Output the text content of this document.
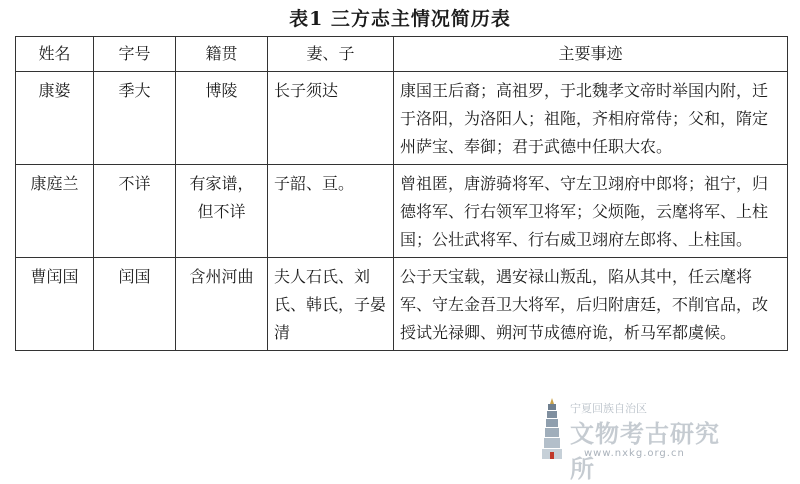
表1 三方志主情况简历表
姓名	字号	籍贯	妻、子	主要事迹
康婆	季大	博陵	长子须达	康国王后裔；高祖罗，于北魏孝文帝时举国内附，迁于洛阳，为洛阳人；祖陁，齐相府常侍；父和，隋定州萨宝、奉御；君于武德中任职大农。
康庭兰	不详	有家谱，但不详	子韶、亘。	曾祖匿，唐游骑将军、守左卫翊府中郎将；祖宁，归德将军、行右领军卫将军；父烦陁，云麾将军、上柱国；公壮武将军、行右威卫翊府左郎将、上柱国。
曹闰国	闰国	含州河曲	夫人石氏、刘氏、韩氏，子晏清	公于天宝载，遇安禄山叛乱，陷从其中，任云麾将军、守左金吾卫大将军，后归附唐廷，不削官品，改授试光禄卿、朔河节成德府诡，析马军都虞候。
宁夏回族自治区
文物考古研究所
www.nxkg.org.cn
